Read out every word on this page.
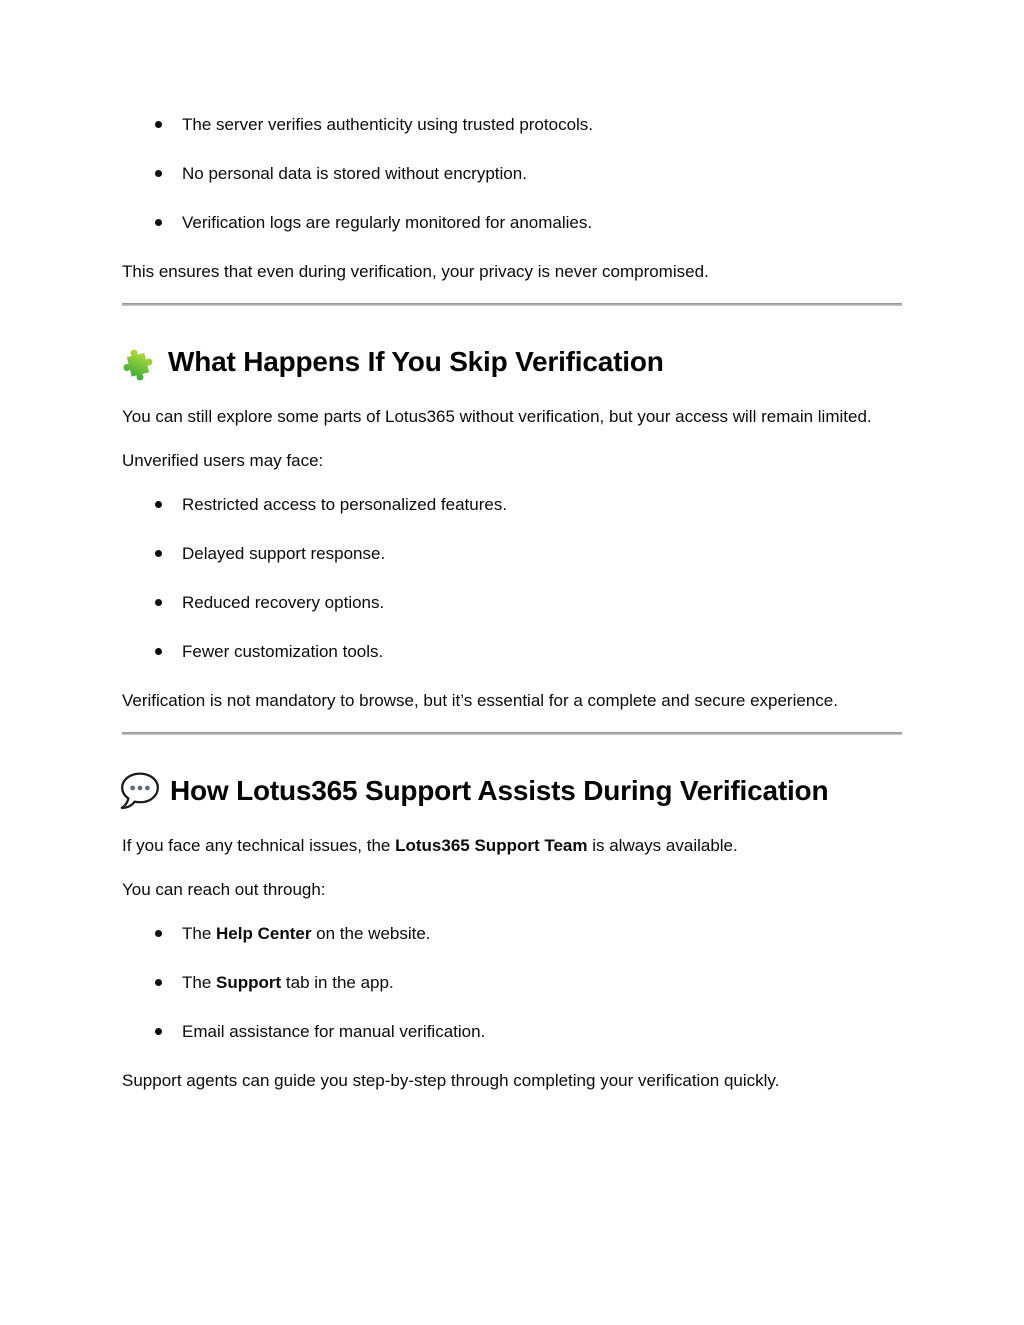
The server verifies authenticity using trusted protocols.
No personal data is stored without encryption.
Verification logs are regularly monitored for anomalies.

This ensures that even during verification, your privacy is never compromised.

What Happens If You Skip Verification

You can still explore some parts of Lotus365 without verification, but your access will remain limited.

Unverified users may face:

Restricted access to personalized features.
Delayed support response.
Reduced recovery options.
Fewer customization tools.

Verification is not mandatory to browse, but it’s essential for a complete and secure experience.

How Lotus365 Support Assists During Verification

If you face any technical issues, the Lotus365 Support Team is always available.

You can reach out through:

The Help Center on the website.
The Support tab in the app.
Email assistance for manual verification.

Support agents can guide you step-by-step through completing your verification quickly.
